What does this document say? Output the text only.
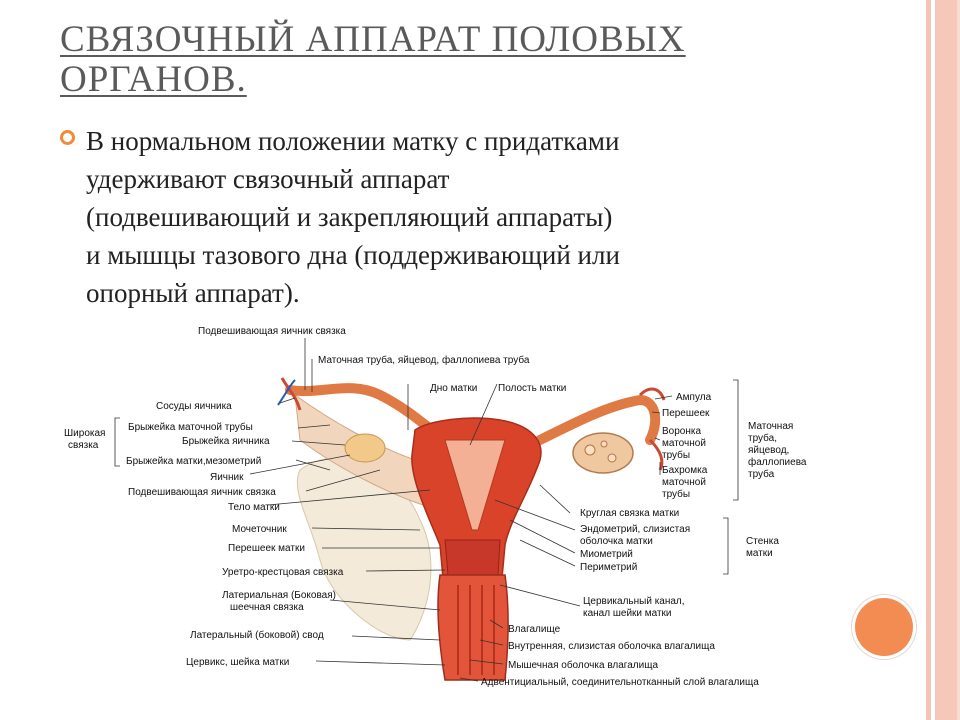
СВЯЗОЧНЫЙ АППАРАТ ПОЛОВЫХ
ОРГАНОВ.
В нормальном положении матку с придатками
удерживают связочный аппарат
(подвешивающий и закрепляющий аппараты)
и мышцы тазового дна (поддерживающий или
опорный аппарат).
Подвешивающая яичник связка
Маточная труба, яйцевод, фаллопиева труба
Дно матки Полость матки
Широкая
связка
Сосуды яичника
Брыжейка маточной трубы
Брыжейка яичника
Брыжейка матки,мезометрий
Яичник
Подвешивающая яичник связка
Тело матки
Мочеточник
Перешеек матки
Уретро-крестцовая связка
Латериальная (Боковая)
шеечная связка
Латеральный (боковой) свод
Цервикс, шейка матки
Ампула
Перешеек
Воронка
маточной
трубы
Бахромка
маточной
трубы
Маточная
труба,
яйцевод,
фаллопиева
труба
Круглая связка матки
Эндометрий, слизистая
оболочка матки
Миометрий
Периметрий
Стенка
матки
Цервикальный канал,
канал шейки матки
Влагалище
Внутренняя, слизистая оболочка влагалища
Мышечная оболочка влагалища
Адвентициальный, соединительнотканный слой влагалища
